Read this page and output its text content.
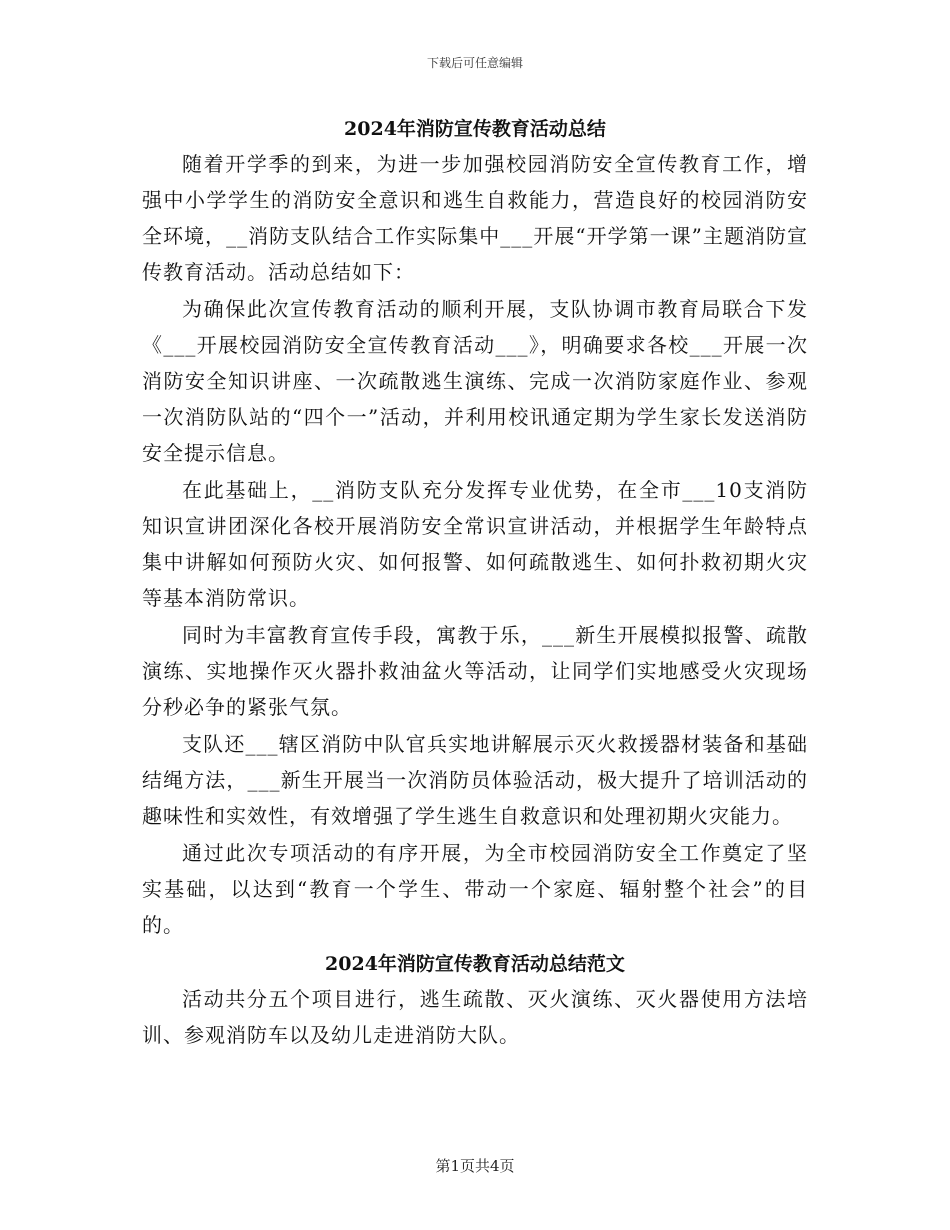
下载后可任意编辑
2024年消防宣传教育活动总结

随着开学季的到来，为进一步加强校园消防安全宣传教育工作，增强中小学学生的消防安全意识和逃生自救能力，营造良好的校园消防安全环境，__消防支队结合工作实际集中___开展“开学第一课”主题消防宣传教育活动。活动总结如下：

为确保此次宣传教育活动的顺利开展，支队协调市教育局联合下发《___开展校园消防安全宣传教育活动___》，明确要求各校___开展一次消防安全知识讲座、一次疏散逃生演练、完成一次消防家庭作业、参观一次消防队站的“四个一”活动，并利用校讯通定期为学生家长发送消防安全提示信息。

在此基础上，__消防支队充分发挥专业优势，在全市___10支消防知识宣讲团深化各校开展消防安全常识宣讲活动，并根据学生年龄特点集中讲解如何预防火灾、如何报警、如何疏散逃生、如何扑救初期火灾等基本消防常识。

同时为丰富教育宣传手段，寓教于乐，___新生开展模拟报警、疏散演练、实地操作灭火器扑救油盆火等活动，让同学们实地感受火灾现场分秒必争的紧张气氛。

支队还___辖区消防中队官兵实地讲解展示灭火救援器材装备和基础结绳方法，___新生开展当一次消防员体验活动，极大提升了培训活动的趣味性和实效性，有效增强了学生逃生自救意识和处理初期火灾能力。

通过此次专项活动的有序开展，为全市校园消防安全工作奠定了坚实基础，以达到“教育一个学生、带动一个家庭、辐射整个社会”的目的。

2024年消防宣传教育活动总结范文

活动共分五个项目进行，逃生疏散、灭火演练、灭火器使用方法培训、参观消防车以及幼儿走进消防大队。

第1页共4页
